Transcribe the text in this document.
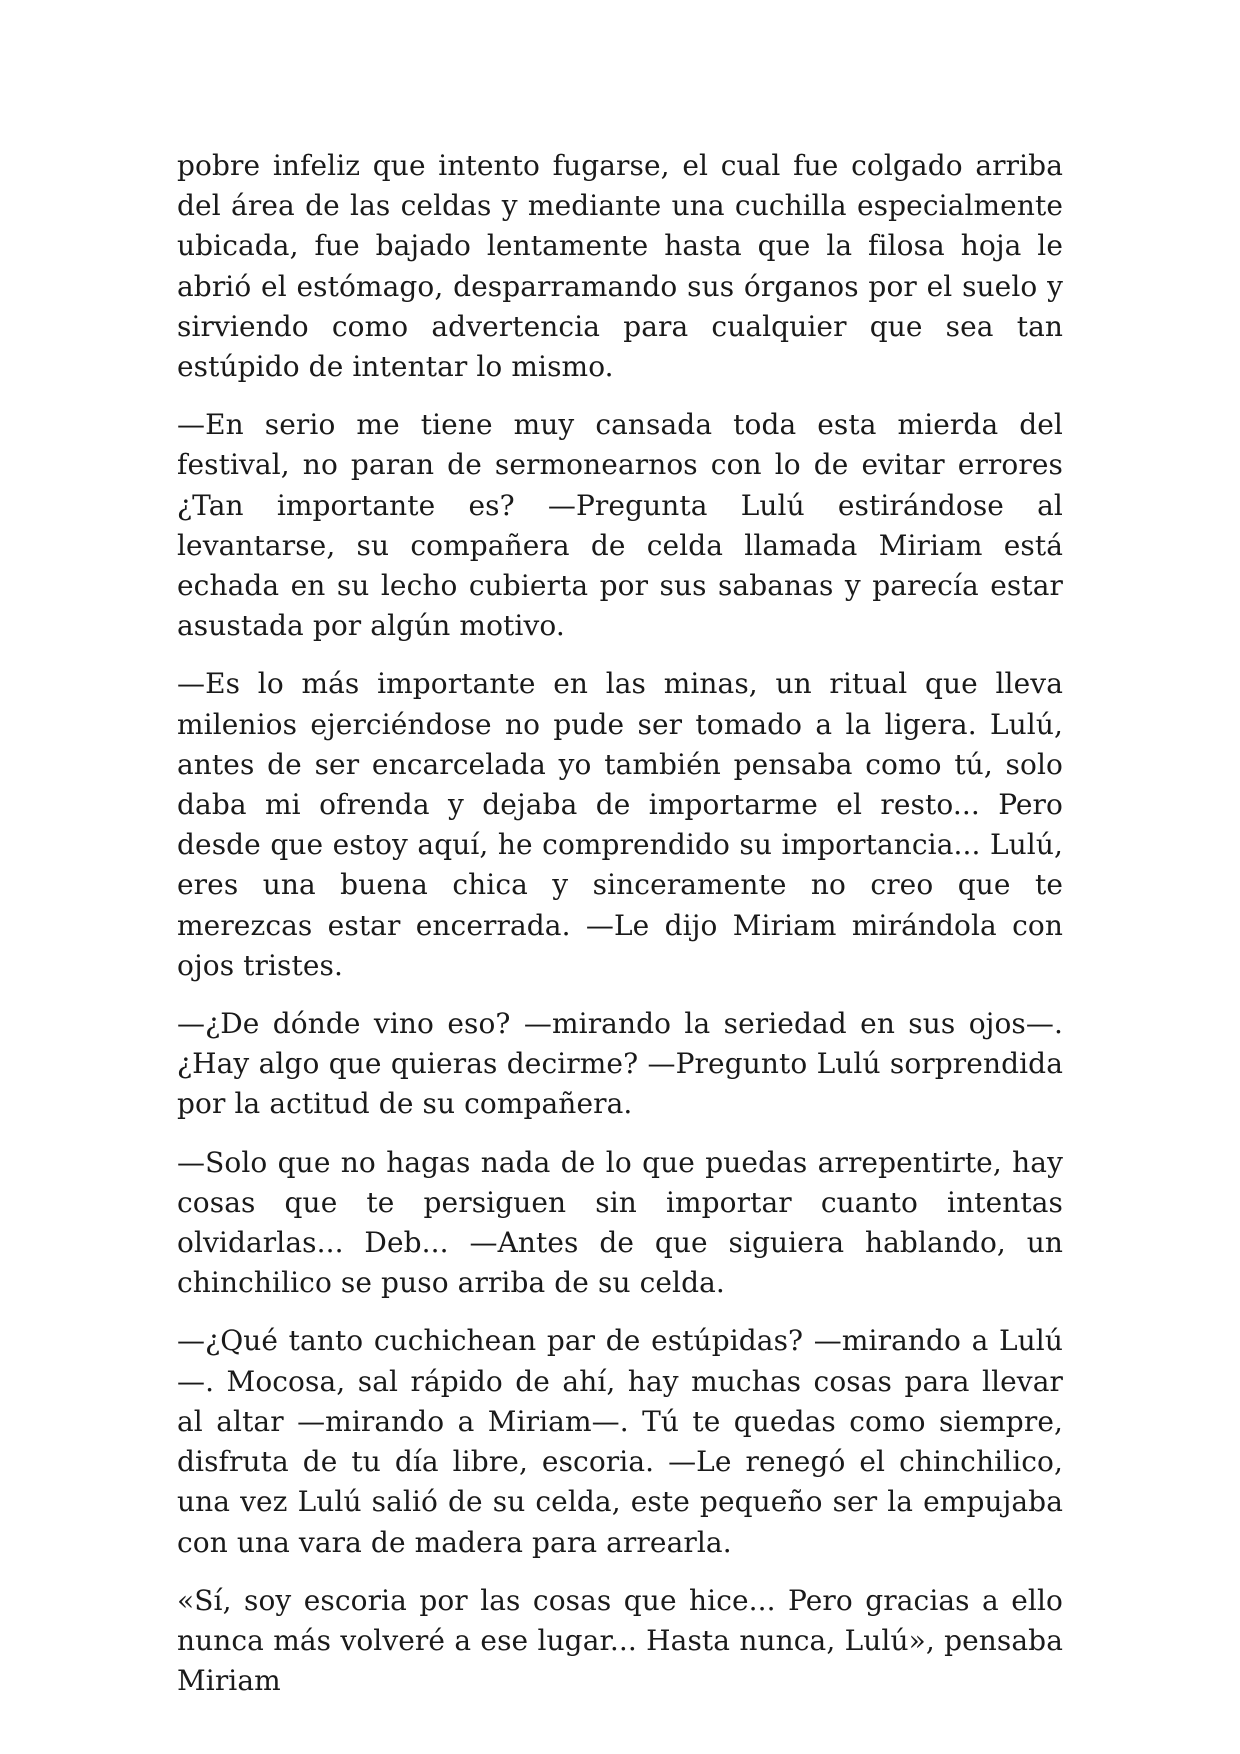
pobre infeliz que intento fugarse, el cual fue colgado arriba del área de las celdas y mediante una cuchilla especialmente ubicada, fue bajado lentamente hasta que la filosa hoja le abrió el estómago, desparramando sus órganos por el suelo y sirviendo como advertencia para cualquier que sea tan estúpido de intentar lo mismo.

—En serio me tiene muy cansada toda esta mierda del festival, no paran de sermonearnos con lo de evitar errores ¿Tan importante es? —Pregunta Lulú estirándose al levantarse, su compañera de celda llamada Miriam está echada en su lecho cubierta por sus sabanas y parecía estar asustada por algún motivo.

—Es lo más importante en las minas, un ritual que lleva milenios ejerciéndose no pude ser tomado a la ligera. Lulú, antes de ser encarcelada yo también pensaba como tú, solo daba mi ofrenda y dejaba de importarme el resto... Pero desde que estoy aquí, he comprendido su importancia... Lulú, eres una buena chica y sinceramente no creo que te merezcas estar encerrada. —Le dijo Miriam mirándola con ojos tristes.

—¿De dónde vino eso? —mirando la seriedad en sus ojos—. ¿Hay algo que quieras decirme? —Pregunto Lulú sorprendida por la actitud de su compañera.

—Solo que no hagas nada de lo que puedas arrepentirte, hay cosas que te persiguen sin importar cuanto intentas olvidarlas... Deb... —Antes de que siguiera hablando, un chinchilico se puso arriba de su celda.

—¿Qué tanto cuchichean par de estúpidas? —mirando a Lulú—. Mocosa, sal rápido de ahí, hay muchas cosas para llevar al altar —mirando a Miriam—. Tú te quedas como siempre, disfruta de tu día libre, escoria. —Le renegó el chinchilico, una vez Lulú salió de su celda, este pequeño ser la empujaba con una vara de madera para arrearla.

«Sí, soy escoria por las cosas que hice... Pero gracias a ello nunca más volveré a ese lugar... Hasta nunca, Lulú», pensaba Miriam
